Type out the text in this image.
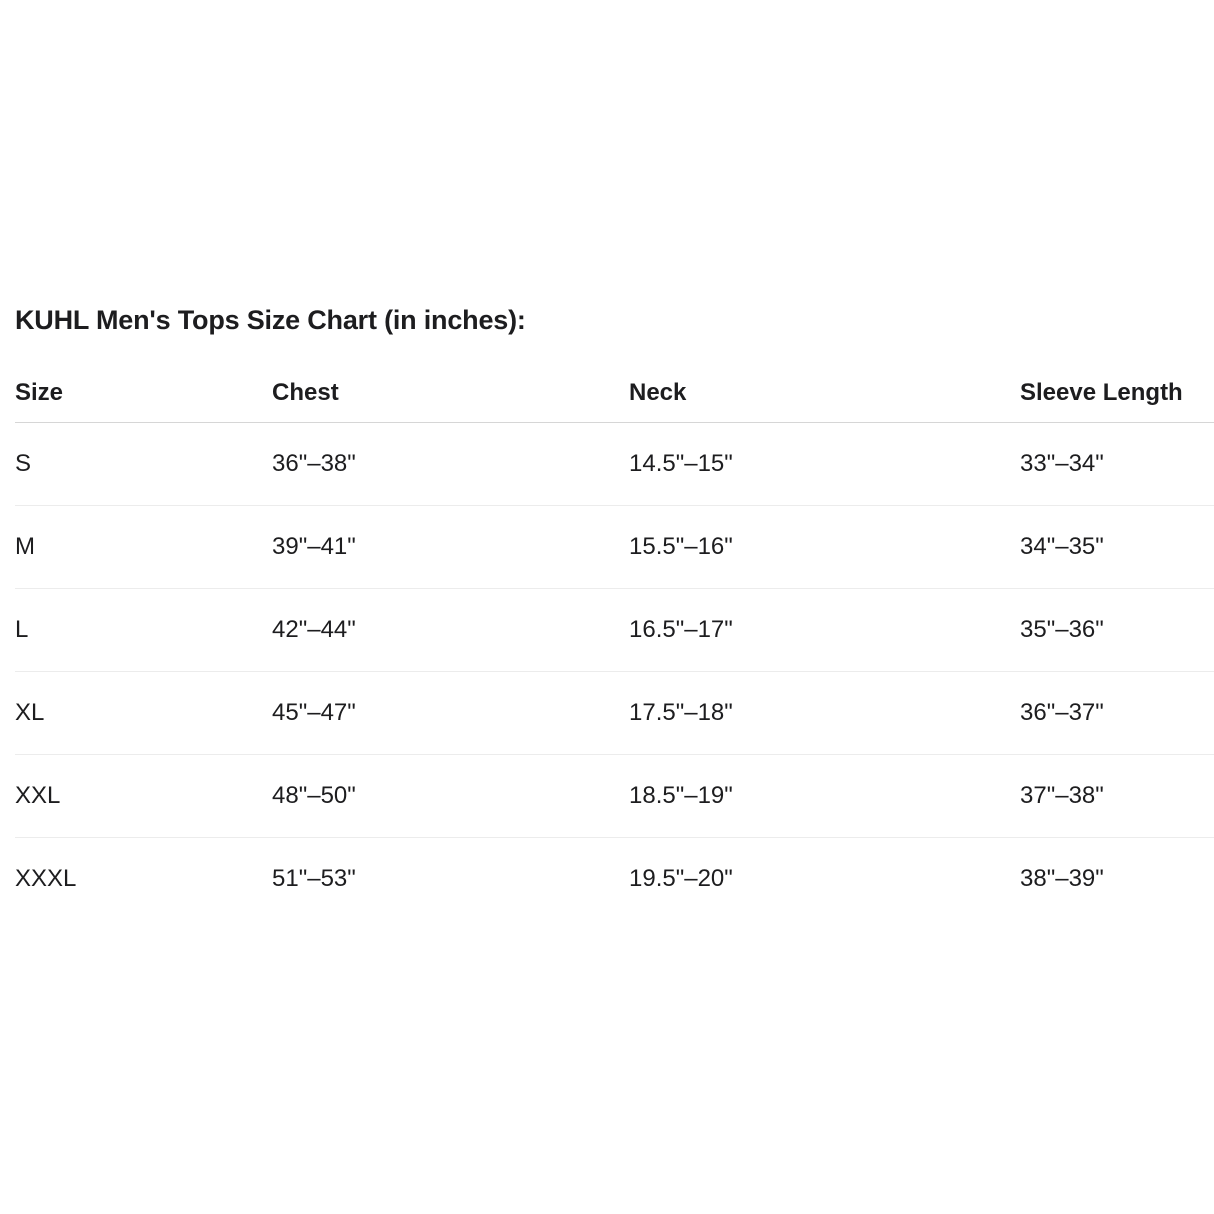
KUHL Men's Tops Size Chart (in inches):
Size	Chest	Neck	Sleeve Length
S	36"–38"	14.5"–15"	33"–34"
M	39"–41"	15.5"–16"	34"–35"
L	42"–44"	16.5"–17"	35"–36"
XL	45"–47"	17.5"–18"	36"–37"
XXL	48"–50"	18.5"–19"	37"–38"
XXXL	51"–53"	19.5"–20"	38"–39"
